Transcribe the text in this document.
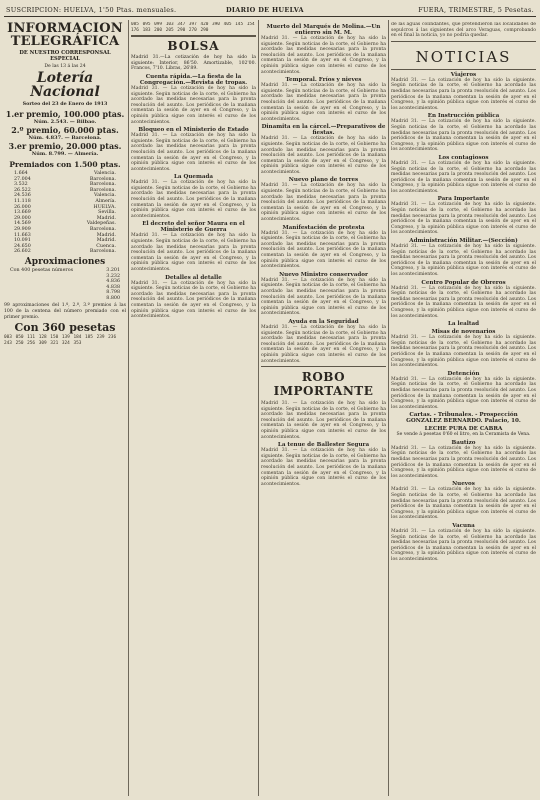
SUSCRIPCION: HUELVA, 1'50 Ptas. mensuales.	DIARIO DE HUELVA	FUERA, TRIMESTRE, 5 Pesetas.
INFORMACIÓN TELEGRÁFICA
DE NUESTRO CORRESPONSAL ESPECIAL
De las 13 á las 24
Lotería Nacional
Sorteo del 23 de Enero de 1913
1.er premio, 100.000 ptas.
Núm. 2.543. — Bilbao.
2.º premio, 60.000 ptas.
Núm. 4.837. — Barcelona.
3.er premio, 20.000 ptas.
Núm. 8.799. — Almería.
Premiados con 1.500 ptas.
1.664	Valencia.
27.004	Barcelona.
3.532	Barcelona.
26.522	Barcelona.
24.536	Valencia.
11.118	Almería.
26.000	HUELVA.
13.669	Sevilla.
29.000	Madrid.
14.569	Valdepeñas.
29.909	Barcelona.
11.663	Madrid.
10.091	Madrid.
24.650	Cuenca.
26.602	Barcelona.
Aproximaciones
Con 400 pesetas números	3.201
3.232
4.836
4.838
8.798
8.800
99 aproximaciones del 1.º, 2.º, 3.º premios á las 100 de la centena del número premiado con el primer premio.
Con 360 pesetas
003 050 111 128 150 139 184 185 239 236 243 250 256 309 321 324 353
085 095 099 103 347 397 420 390 405 145 154 176 183 200 205 290 270 290
BOLSA
Madrid 31.—La cotización de hoy ha sido la siguiente: Interior, 86'50. Amortizable, 102'00. Francos, 7'10. Libras, 26'89.
Cuenta rápida.—La fiesta de la Congregación.—Revista de tropas.
Madrid 31. — La cotización de hoy ha sido la siguiente. Según noticias de la corte, el Gobierno ha acordado las medidas necesarias para la pronta resolución del asunto. Los periódicos de la mañana comentan la sesión de ayer en el Congreso, y la opinión pública sigue con interés el curso de los acontecimientos.
Bloqueo en el Ministerio de Estado
Madrid 31. — La cotización de hoy ha sido la siguiente. Según noticias de la corte, el Gobierno ha acordado las medidas necesarias para la pronta resolución del asunto. Los periódicos de la mañana comentan la sesión de ayer en el Congreso, y la opinión pública sigue con interés el curso de los acontecimientos.
La Quemada
Madrid 31. — La cotización de hoy ha sido la siguiente. Según noticias de la corte, el Gobierno ha acordado las medidas necesarias para la pronta resolución del asunto. Los periódicos de la mañana comentan la sesión de ayer en el Congreso, y la opinión pública sigue con interés el curso de los acontecimientos.
El decreto del señor Maura en el Ministerio de Guerra
Madrid 31. — La cotización de hoy ha sido la siguiente. Según noticias de la corte, el Gobierno ha acordado las medidas necesarias para la pronta resolución del asunto. Los periódicos de la mañana comentan la sesión de ayer en el Congreso, y la opinión pública sigue con interés el curso de los acontecimientos.
Detalles al detalle
Madrid 31. — La cotización de hoy ha sido la siguiente. Según noticias de la corte, el Gobierno ha acordado las medidas necesarias para la pronta resolución del asunto. Los periódicos de la mañana comentan la sesión de ayer en el Congreso, y la opinión pública sigue con interés el curso de los acontecimientos.
Muerto del Marqués de Molina.—Un entierro sin M. M.
Madrid 31. — La cotización de hoy ha sido la siguiente. Según noticias de la corte, el Gobierno ha acordado las medidas necesarias para la pronta resolución del asunto. Los periódicos de la mañana comentan la sesión de ayer en el Congreso, y la opinión pública sigue con interés el curso de los acontecimientos.
Temporal. Fríos y nieves
Madrid 31. — La cotización de hoy ha sido la siguiente. Según noticias de la corte, el Gobierno ha acordado las medidas necesarias para la pronta resolución del asunto. Los periódicos de la mañana comentan la sesión de ayer en el Congreso, y la opinión pública sigue con interés el curso de los acontecimientos.
Dinamita en la cárcel.—Preparativos de fiestas.
Madrid 31. — La cotización de hoy ha sido la siguiente. Según noticias de la corte, el Gobierno ha acordado las medidas necesarias para la pronta resolución del asunto. Los periódicos de la mañana comentan la sesión de ayer en el Congreso, y la opinión pública sigue con interés el curso de los acontecimientos.
Nuevo plano de torres
Madrid 31. — La cotización de hoy ha sido la siguiente. Según noticias de la corte, el Gobierno ha acordado las medidas necesarias para la pronta resolución del asunto. Los periódicos de la mañana comentan la sesión de ayer en el Congreso, y la opinión pública sigue con interés el curso de los acontecimientos.
Manifestación de protesta
Madrid 31. — La cotización de hoy ha sido la siguiente. Según noticias de la corte, el Gobierno ha acordado las medidas necesarias para la pronta resolución del asunto. Los periódicos de la mañana comentan la sesión de ayer en el Congreso, y la opinión pública sigue con interés el curso de los acontecimientos.
Nuevo Ministro conservador
Madrid 31. — La cotización de hoy ha sido la siguiente. Según noticias de la corte, el Gobierno ha acordado las medidas necesarias para la pronta resolución del asunto. Los periódicos de la mañana comentan la sesión de ayer en el Congreso, y la opinión pública sigue con interés el curso de los acontecimientos.
Ayuda en la Seguridad
Madrid 31. — La cotización de hoy ha sido la siguiente. Según noticias de la corte, el Gobierno ha acordado las medidas necesarias para la pronta resolución del asunto. Los periódicos de la mañana comentan la sesión de ayer en el Congreso, y la opinión pública sigue con interés el curso de los acontecimientos.
ROBO IMPORTANTE
Madrid 31. — La cotización de hoy ha sido la siguiente. Según noticias de la corte, el Gobierno ha acordado las medidas necesarias para la pronta resolución del asunto. Los periódicos de la mañana comentan la sesión de ayer en el Congreso, y la opinión pública sigue con interés el curso de los acontecimientos.
La tenue de Ballester Segura
Madrid 31. — La cotización de hoy ha sido la siguiente. Según noticias de la corte, el Gobierno ha acordado las medidas necesarias para la pronta resolución del asunto. Los periódicos de la mañana comentan la sesión de ayer en el Congreso, y la opinión pública sigue con interés el curso de los acontecimientos.
de las aguas colindantes, que pretendieron las localidades de sepulcros á las siguientes del arco Veraguas, comprobando en el final la noticia, yo no podría quedar.
NOTICIAS
Viajeros
Madrid 31. — La cotización de hoy ha sido la siguiente. Según noticias de la corte, el Gobierno ha acordado las medidas necesarias para la pronta resolución del asunto. Los periódicos de la mañana comentan la sesión de ayer en el Congreso, y la opinión pública sigue con interés el curso de los acontecimientos.
En Instrucción pública
Madrid 31. — La cotización de hoy ha sido la siguiente. Según noticias de la corte, el Gobierno ha acordado las medidas necesarias para la pronta resolución del asunto. Los periódicos de la mañana comentan la sesión de ayer en el Congreso, y la opinión pública sigue con interés el curso de los acontecimientos.
Los contagiosos
Madrid 31. — La cotización de hoy ha sido la siguiente. Según noticias de la corte, el Gobierno ha acordado las medidas necesarias para la pronta resolución del asunto. Los periódicos de la mañana comentan la sesión de ayer en el Congreso, y la opinión pública sigue con interés el curso de los acontecimientos.
Para Importante
Madrid 31. — La cotización de hoy ha sido la siguiente. Según noticias de la corte, el Gobierno ha acordado las medidas necesarias para la pronta resolución del asunto. Los periódicos de la mañana comentan la sesión de ayer en el Congreso, y la opinión pública sigue con interés el curso de los acontecimientos.
Administración Militar.—(Sección)
Madrid 31. — La cotización de hoy ha sido la siguiente. Según noticias de la corte, el Gobierno ha acordado las medidas necesarias para la pronta resolución del asunto. Los periódicos de la mañana comentan la sesión de ayer en el Congreso, y la opinión pública sigue con interés el curso de los acontecimientos.
Centro Popular de Obreros
Madrid 31. — La cotización de hoy ha sido la siguiente. Según noticias de la corte, el Gobierno ha acordado las medidas necesarias para la pronta resolución del asunto. Los periódicos de la mañana comentan la sesión de ayer en el Congreso, y la opinión pública sigue con interés el curso de los acontecimientos.
La lealtad
Misas de novenarios
Madrid 31. — La cotización de hoy ha sido la siguiente. Según noticias de la corte, el Gobierno ha acordado las medidas necesarias para la pronta resolución del asunto. Los periódicos de la mañana comentan la sesión de ayer en el Congreso, y la opinión pública sigue con interés el curso de los acontecimientos.
Detención
Madrid 31. — La cotización de hoy ha sido la siguiente. Según noticias de la corte, el Gobierno ha acordado las medidas necesarias para la pronta resolución del asunto. Los periódicos de la mañana comentan la sesión de ayer en el Congreso, y la opinión pública sigue con interés el curso de los acontecimientos.
Cartas. - Tribunales. - Prospección GONZALEZ BERNARDO. Palacio, 10.
LECHE PURA DE CABRA
Se vende á pesetas 0'60 el litro, en la Ceramista de Vena.
Bautizo
Madrid 31. — La cotización de hoy ha sido la siguiente. Según noticias de la corte, el Gobierno ha acordado las medidas necesarias para la pronta resolución del asunto. Los periódicos de la mañana comentan la sesión de ayer en el Congreso, y la opinión pública sigue con interés el curso de los acontecimientos.
Nuevos
Madrid 31. — La cotización de hoy ha sido la siguiente. Según noticias de la corte, el Gobierno ha acordado las medidas necesarias para la pronta resolución del asunto. Los periódicos de la mañana comentan la sesión de ayer en el Congreso, y la opinión pública sigue con interés el curso de los acontecimientos.
Vacuna
Madrid 31. — La cotización de hoy ha sido la siguiente. Según noticias de la corte, el Gobierno ha acordado las medidas necesarias para la pronta resolución del asunto. Los periódicos de la mañana comentan la sesión de ayer en el Congreso, y la opinión pública sigue con interés el curso de los acontecimientos.
